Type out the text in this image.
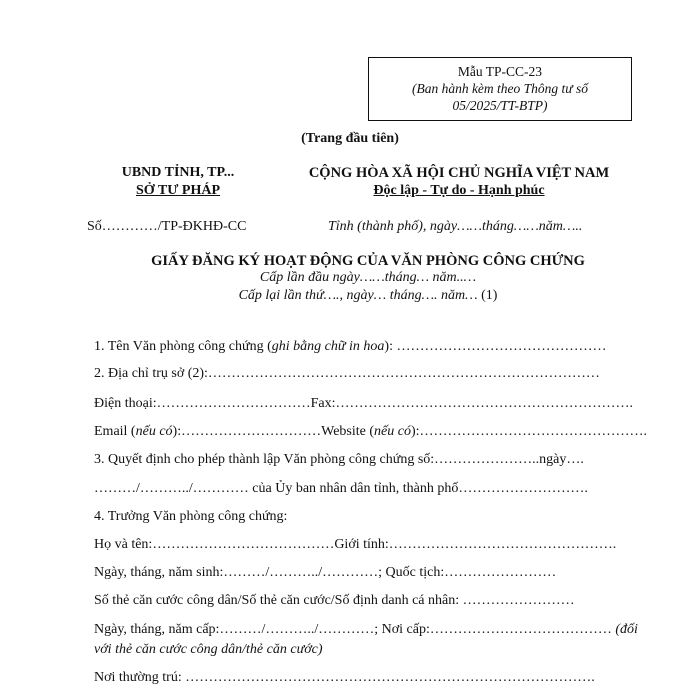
Mẫu TP-CC-23
(Ban hành kèm theo Thông tư số
05/2025/TT-BTP)
(Trang đầu tiên)
UBND TỈNH, TP...
SỞ TƯ PHÁP
CỘNG HÒA XÃ HỘI CHỦ NGHĨA VIỆT NAM
Độc lập - Tự do - Hạnh phúc
Số…………/TP-ĐKHĐ-CC	Tỉnh (thành phố), ngày……tháng……năm…..
GIẤY ĐĂNG KÝ HOẠT ĐỘNG CỦA VĂN PHÒNG CÔNG CHỨNG
Cấp lần đầu ngày……tháng… năm..…
Cấp lại lần thứ…., ngày… tháng…. năm… (1)
1. Tên Văn phòng công chứng (ghi bằng chữ in hoa): ………………………………………
2. Địa chỉ trụ sở (2):…………………………………………………………………………
Điện thoại:……………………………Fax:……………………………………………………….
Email (nếu có):…………………………Website (nếu có):………………………………………….
3. Quyết định cho phép thành lập Văn phòng công chứng số:…………………..ngày….
………/………../………… của Ủy ban nhân dân tỉnh, thành phố……………………….
4. Trưởng Văn phòng công chứng:
Họ và tên:…………………………………Giới tính:………………………………………….
Ngày, tháng, năm sinh:………/………../…………; Quốc tịch:……………………
Số thẻ căn cước công dân/Số thẻ căn cước/Số định danh cá nhân: ……………………
Ngày, tháng, năm cấp:………/………../…………; Nơi cấp:………………………………… (đối
với thẻ căn cước công dân/thẻ căn cước)
Nơi thường trú: …………………………………………………………………………….
